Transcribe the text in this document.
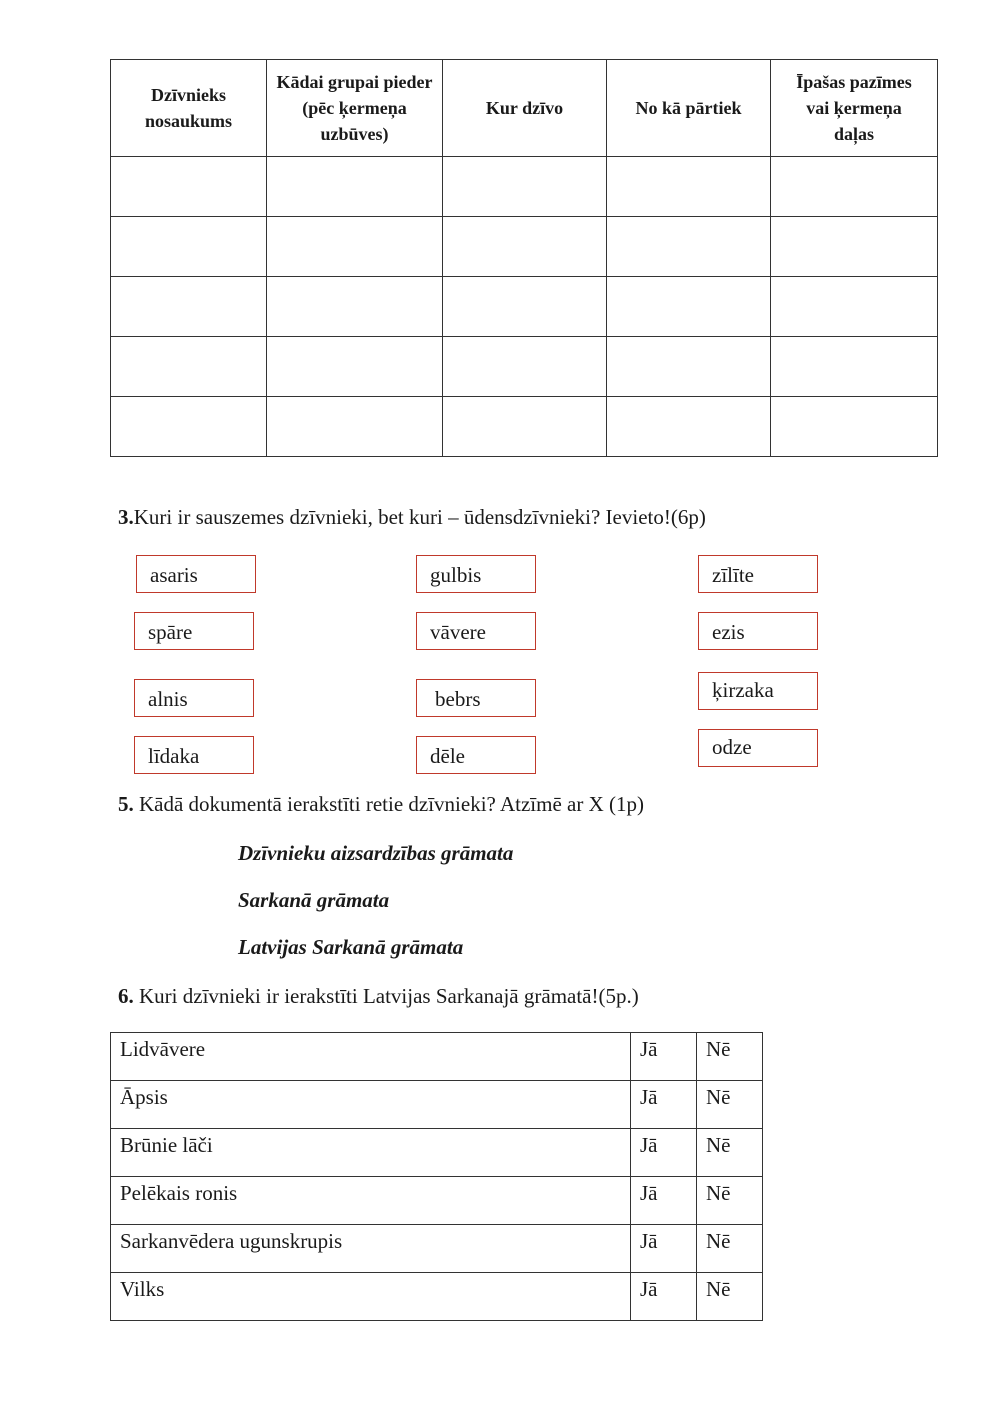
Dzīvnieks nosaukums	Kādai grupai pieder (pēc ķermeņa uzbūves)	Kur dzīvo	No kā pārtiek	Īpašas pazīmes vai ķermeņa daļas

3.Kuri ir sauszemes dzīvnieki, bet kuri – ūdensdzīvnieki? Ievieto!(6p)
asaris	gulbis	zīlīte
spāre	vāvere	ezis
alnis	bebrs	ķirzaka
līdaka	dēle	odze
5. Kādā dokumentā ierakstīti retie dzīvnieki? Atzīmē ar X (1p)
Dzīvnieku aizsardzības grāmata
Sarkanā grāmata
Latvijas Sarkanā grāmata
6. Kuri dzīvnieki ir ierakstīti Latvijas Sarkanajā grāmatā!(5p.)
Lidvāvere	Jā	Nē
Āpsis	Jā	Nē
Brūnie lāči	Jā	Nē
Pelēkais ronis	Jā	Nē
Sarkanvēdera ugunskrupis	Jā	Nē
Vilks	Jā	Nē
